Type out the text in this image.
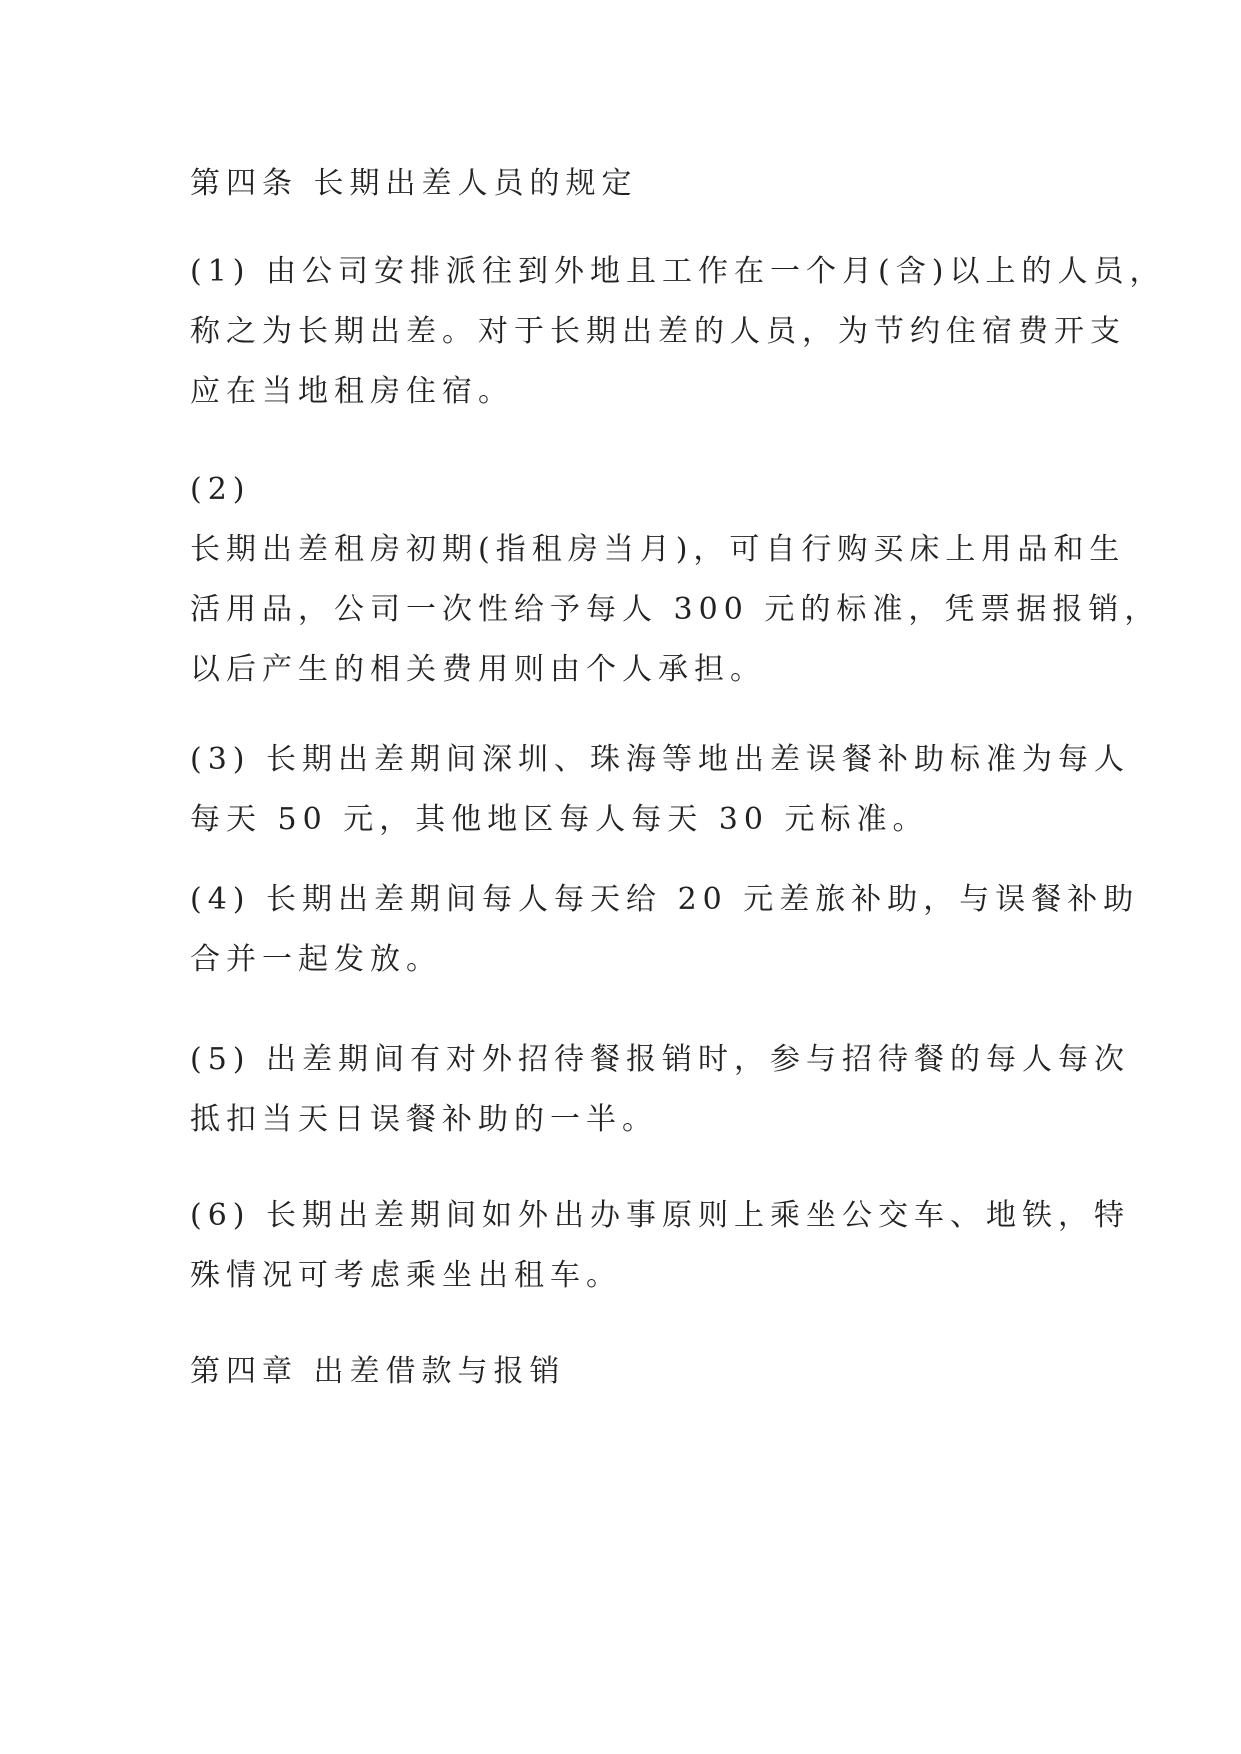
第四条 长期出差人员的规定
(1) 由公司安排派往到外地且工作在一个月(含)以上的人员，
称之为长期出差。对于长期出差的人员，为节约住宿费开支
应在当地租房住宿。
(2)
长期出差租房初期(指租房当月)，可自行购买床上用品和生
活用品，公司一次性给予每人 300 元的标准，凭票据报销，
以后产生的相关费用则由个人承担。
(3) 长期出差期间深圳、珠海等地出差误餐补助标准为每人
每天 50 元，其他地区每人每天 30 元标准。
(4) 长期出差期间每人每天给 20 元差旅补助，与误餐补助
合并一起发放。
(5) 出差期间有对外招待餐报销时，参与招待餐的每人每次
抵扣当天日误餐补助的一半。
(6) 长期出差期间如外出办事原则上乘坐公交车、地铁，特
殊情况可考虑乘坐出租车。
第四章 出差借款与报销
